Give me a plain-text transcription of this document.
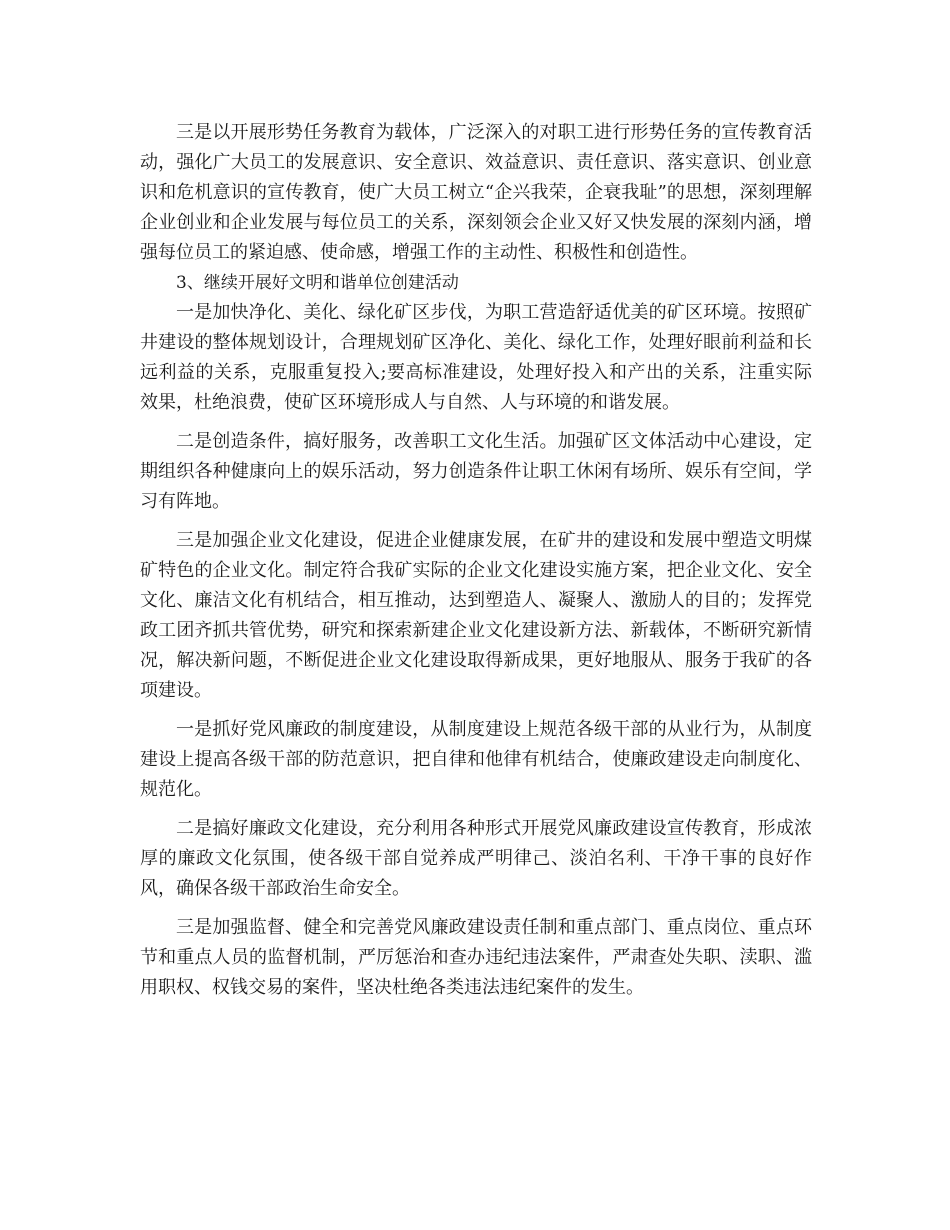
三是以开展形势任务教育为载体，广泛深入的对职工进行形势任务的宣传教育活动，强化广大员工的发展意识、安全意识、效益意识、责任意识、落实意识、创业意识和危机意识的宣传教育，使广大员工树立“企兴我荣，企衰我耻”的思想，深刻理解企业创业和企业发展与每位员工的关系，深刻领会企业又好又快发展的深刻内涵，增强每位员工的紧迫感、使命感，增强工作的主动性、积极性和创造性。

3、继续开展好文明和谐单位创建活动

一是加快净化、美化、绿化矿区步伐，为职工营造舒适优美的矿区环境。按照矿井建设的整体规划设计，合理规划矿区净化、美化、绿化工作，处理好眼前利益和长远利益的关系，克服重复投入;要高标准建设，处理好投入和产出的关系，注重实际效果，杜绝浪费，使矿区环境形成人与自然、人与环境的和谐发展。

二是创造条件，搞好服务，改善职工文化生活。加强矿区文体活动中心建设，定期组织各种健康向上的娱乐活动，努力创造条件让职工休闲有场所、娱乐有空间，学习有阵地。

三是加强企业文化建设，促进企业健康发展，在矿井的建设和发展中塑造文明煤矿特色的企业文化。制定符合我矿实际的企业文化建设实施方案，把企业文化、安全文化、廉洁文化有机结合，相互推动，达到塑造人、凝聚人、激励人的目的；发挥党政工团齐抓共管优势，研究和探索新建企业文化建设新方法、新载体，不断研究新情况，解决新问题，不断促进企业文化建设取得新成果，更好地服从、服务于我矿的各项建设。

一是抓好党风廉政的制度建设，从制度建设上规范各级干部的从业行为，从制度建设上提高各级干部的防范意识，把自律和他律有机结合，使廉政建设走向制度化、规范化。

二是搞好廉政文化建设，充分利用各种形式开展党风廉政建设宣传教育，形成浓厚的廉政文化氛围，使各级干部自觉养成严明律己、淡泊名利、干净干事的良好作风，确保各级干部政治生命安全。

三是加强监督、健全和完善党风廉政建设责任制和重点部门、重点岗位、重点环节和重点人员的监督机制，严厉惩治和查办违纪违法案件，严肃查处失职、渎职、滥用职权、权钱交易的案件，坚决杜绝各类违法违纪案件的发生。
